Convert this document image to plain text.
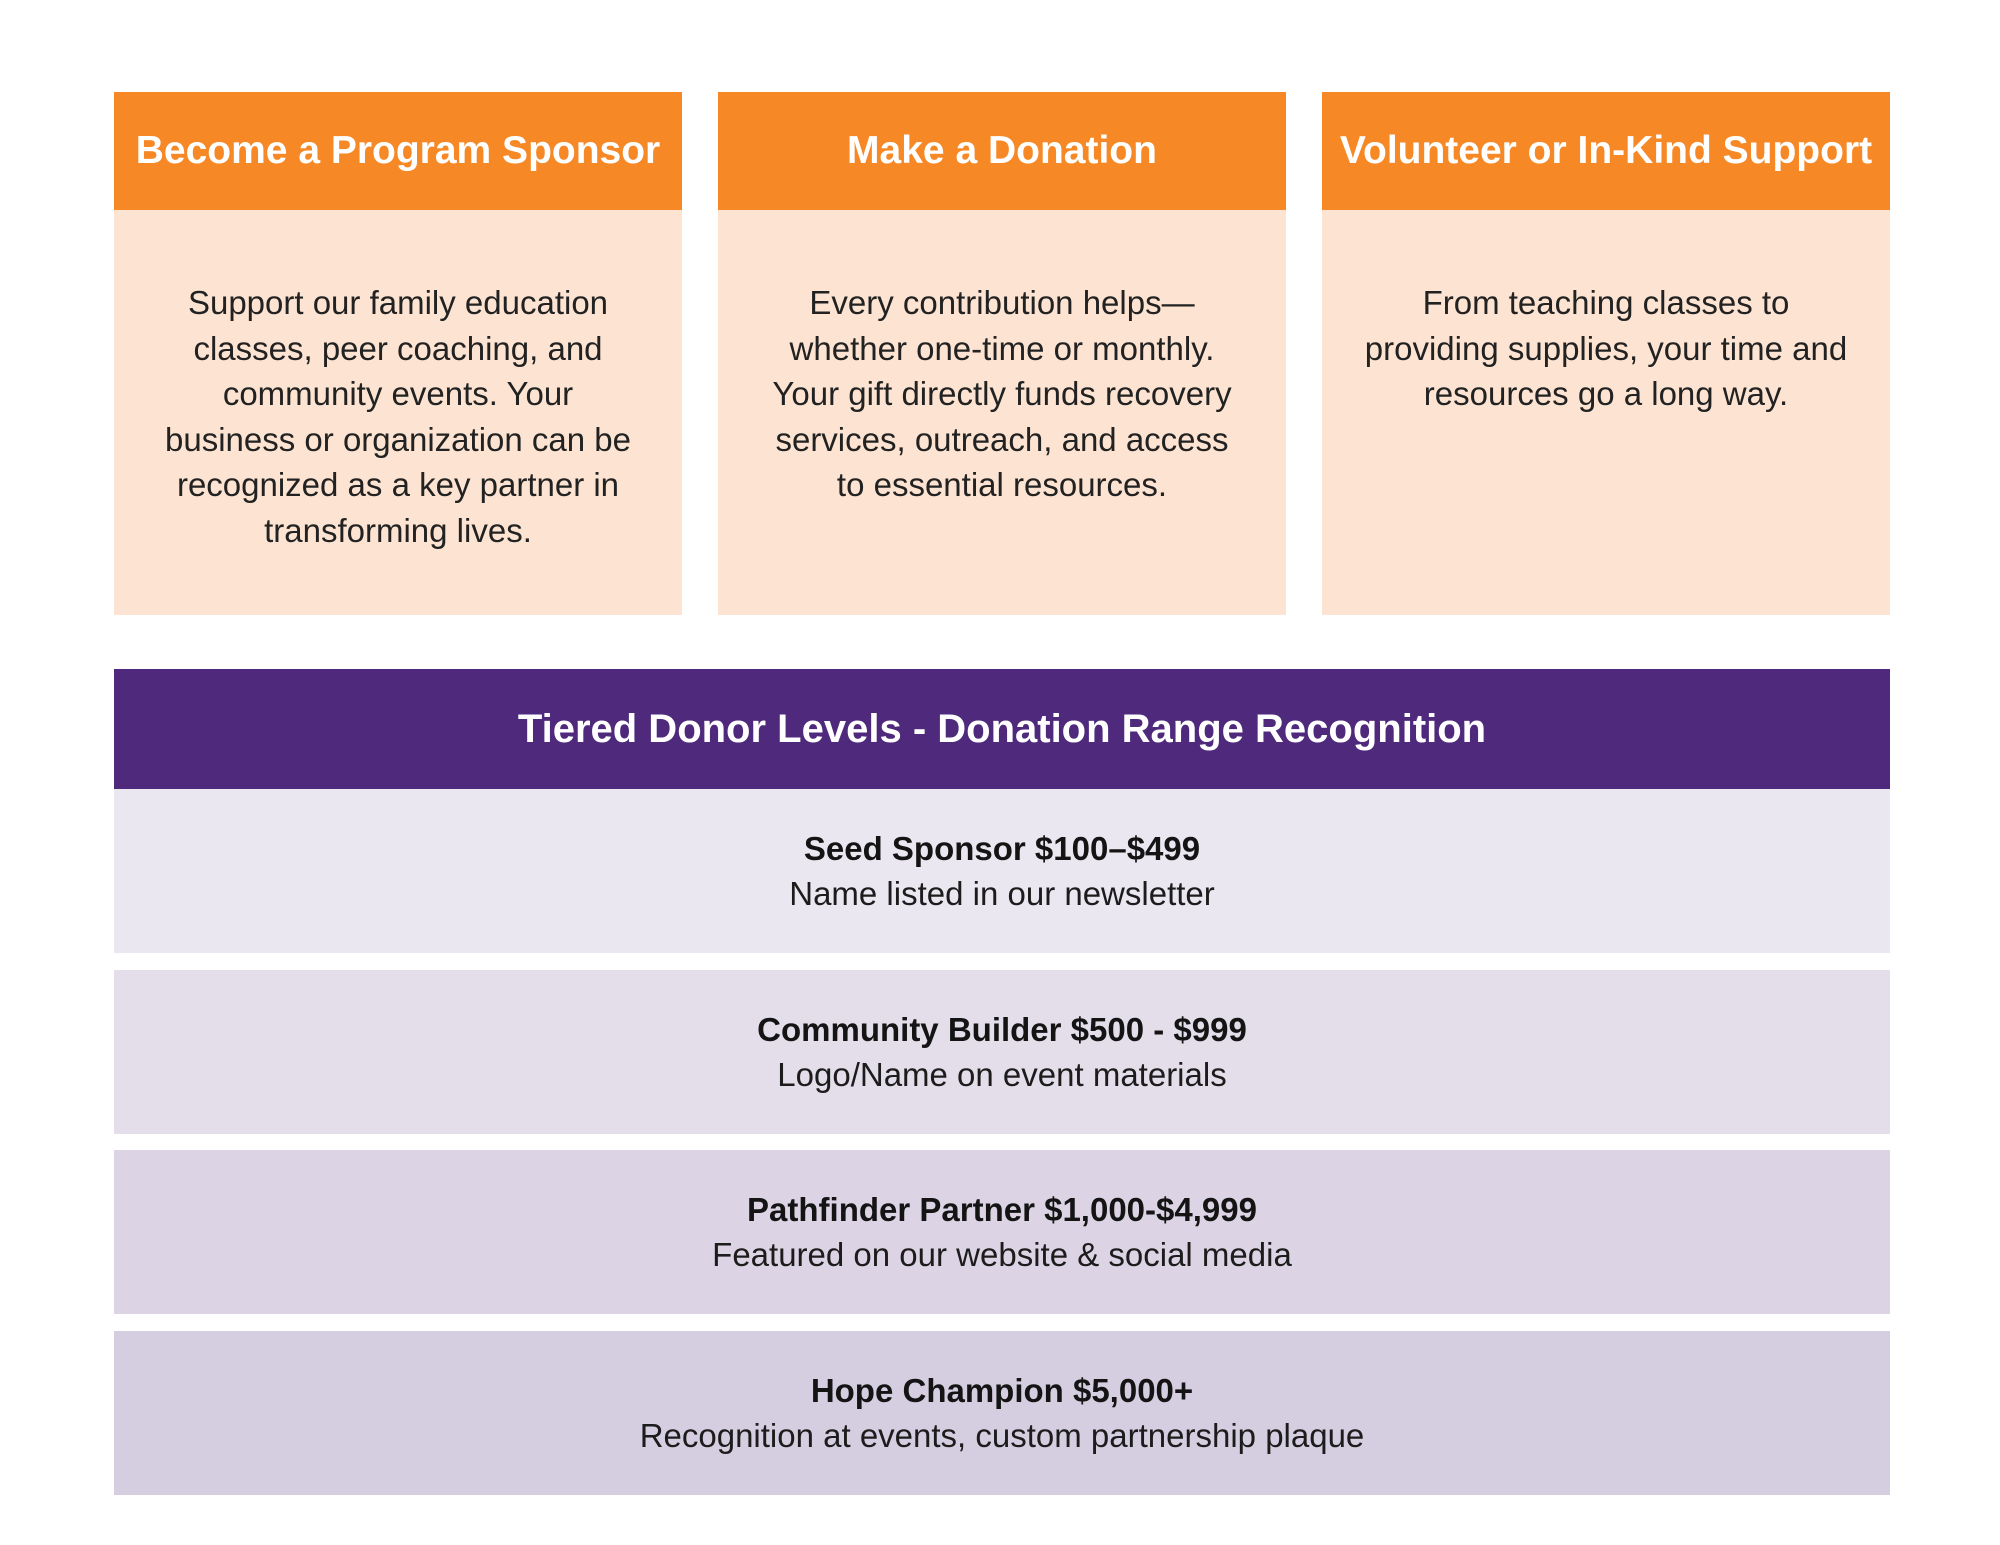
Become a Program Sponsor
Support our family education classes, peer coaching, and community events. Your business or organization can be recognized as a key partner in transforming lives.
Make a Donation
Every contribution helps— whether one-time or monthly. Your gift directly funds recovery services, outreach, and access to essential resources.
Volunteer or In-Kind Support
From teaching classes to providing supplies, your time and resources go a long way.
Tiered Donor Levels - Donation Range Recognition
Seed Sponsor $100–$499
Name listed in our newsletter
Community Builder $500 - $999
Logo/Name on event materials
Pathfinder Partner $1,000-$4,999
Featured on our website & social media
Hope Champion $5,000+
Recognition at events, custom partnership plaque
